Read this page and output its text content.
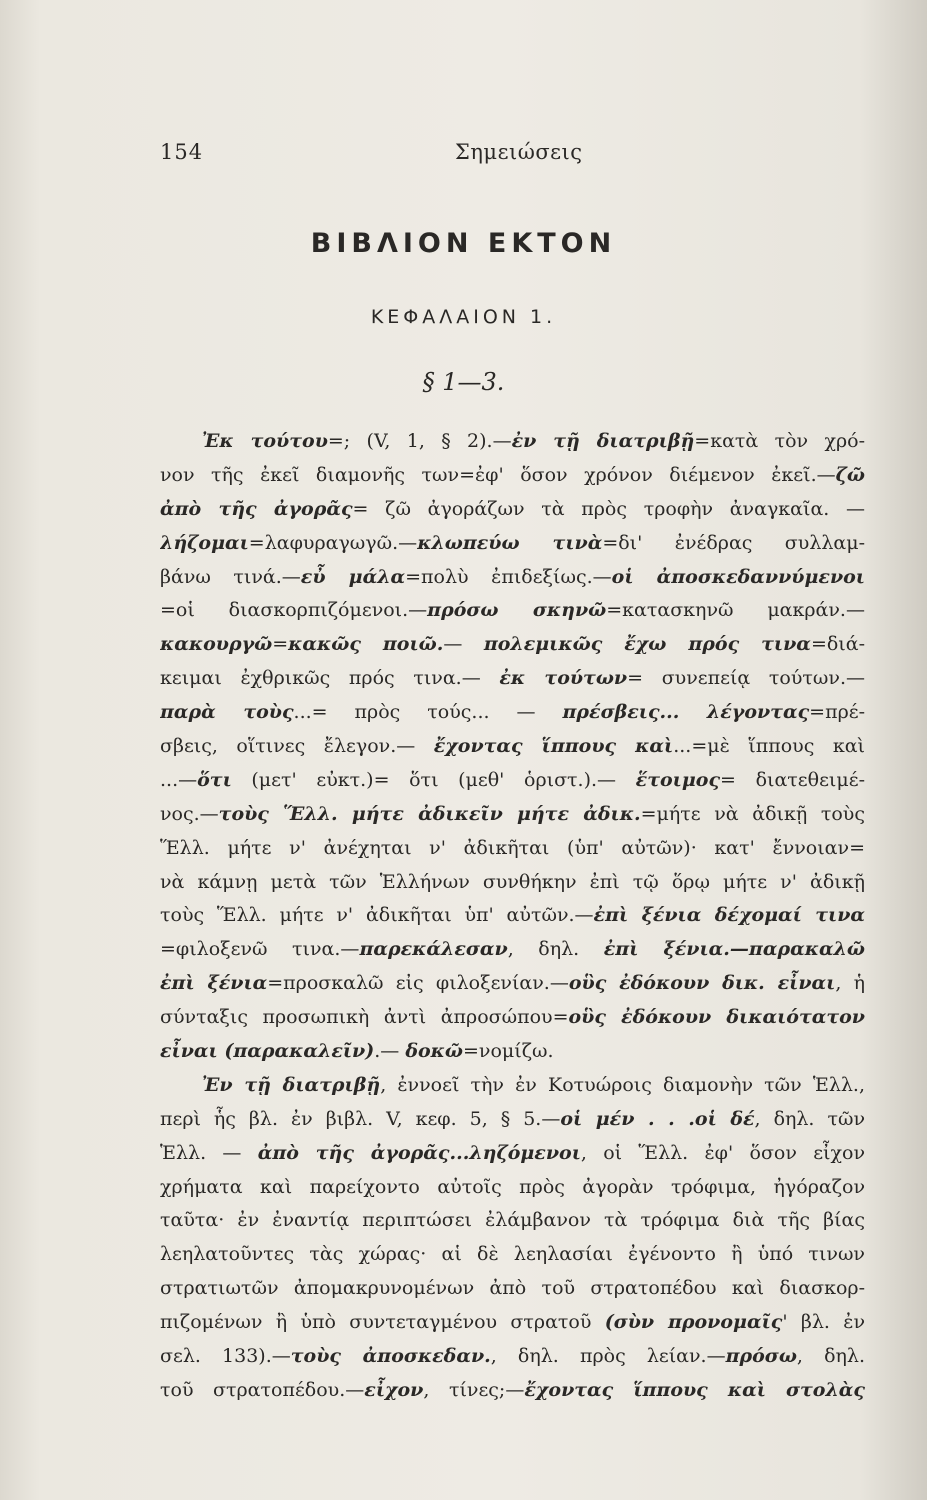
154	Σημειώσεις
ΒΙΒΛΙΟΝ ΕΚΤΟΝ
ΚΕΦΑΛΑΙΟΝ 1.
§ 1—3.
Ἐκ τούτου=; (V, 1, § 2).—ἐν τῇ διατριβῇ=κατὰ τὸν χρό-
νον τῆς ἐκεῖ διαμονῆς των=ἐφ' ὅσον χρόνον διέμενον ἐκεῖ.—ζῶ
ἀπὸ τῆς ἀγορᾶς= ζῶ ἀγοράζων τὰ πρὸς τροφὴν ἀναγκαῖα. —
λήζομαι=λαφυραγωγῶ.—κλωπεύω τινὰ=δι' ἐνέδρας συλλαμ-
βάνω τινά.—εὖ μάλα=πολὺ ἐπιδεξίως.—οἱ ἀποσκεδαννύμενοι
=οἱ διασκορπιζόμενοι.—πρόσω σκηνῶ=κατασκηνῶ μακράν.—
κακουργῶ=κακῶς ποιῶ.— πολεμικῶς ἔχω πρός τινα=διά-
κειμαι ἐχθρικῶς πρός τινα.— ἐκ τούτων= συνεπείᾳ τούτων.—
παρὰ τοὺς...= πρὸς τούς... — πρέσβεις... λέγοντας=πρέ-
σβεις, οἵτινες ἔλεγον.— ἔχοντας ἵππους καὶ...=μὲ ἵππους καὶ
...—ὅτι (μετ' εὐκτ.)= ὅτι (μεθ' ὁριστ.).— ἕτοιμος= διατεθειμέ-
νος.—τοὺς Ἕλλ. μήτε ἀδικεῖν μήτε ἀδικ.=μήτε νὰ ἀδικῇ τοὺς
Ἕλλ. μήτε ν' ἀνέχηται ν' ἀδικῆται (ὑπ' αὐτῶν)· κατ' ἔννοιαν=
νὰ κάμνῃ μετὰ τῶν Ἑλλήνων συνθήκην ἐπὶ τῷ ὅρῳ μήτε ν' ἀδικῇ
τοὺς Ἕλλ. μήτε ν' ἀδικῆται ὑπ' αὐτῶν.—ἐπὶ ξένια δέχομαί τινα
=φιλοξενῶ τινα.—παρεκάλεσαν, δηλ. ἐπὶ ξένια.—παρακαλῶ
ἐπὶ ξένια=προσκαλῶ εἰς φιλοξενίαν.—οὓς ἐδόκουν δικ. εἶναι, ἡ
σύνταξις προσωπικὴ ἀντὶ ἀπροσώπου=οὓς ἐδόκουν δικαιότατον
εἶναι (παρακαλεῖν).— δοκῶ=νομίζω.
Ἐν τῇ διατριβῇ, ἐννοεῖ τὴν ἐν Κοτυώροις διαμονὴν τῶν Ἑλλ.,
περὶ ἧς βλ. ἐν βιβλ. V, κεφ. 5, § 5.—οἱ μέν . . .οἱ δέ, δηλ. τῶν
Ἑλλ. — ἀπὸ τῆς ἀγορᾶς...ληζόμενοι, οἱ Ἕλλ. ἐφ' ὅσον εἶχον
χρήματα καὶ παρείχοντο αὐτοῖς πρὸς ἀγορὰν τρόφιμα, ἠγόραζον
ταῦτα· ἐν ἐναντίᾳ περιπτώσει ἐλάμβανον τὰ τρόφιμα διὰ τῆς βίας
λεηλατοῦντες τὰς χώρας· αἱ δὲ λεηλασίαι ἐγένοντο ἢ ὑπό τινων
στρατιωτῶν ἀπομακρυνομένων ἀπὸ τοῦ στρατοπέδου καὶ διασκορ-
πιζομένων ἢ ὑπὸ συντεταγμένου στρατοῦ (σὺν προνομαῖς' βλ. ἐν
σελ. 133).—τοὺς ἀποσκεδαν., δηλ. πρὸς λείαν.—πρόσω, δηλ.
τοῦ στρατοπέδου.—εἶχον, τίνες;—ἔχοντας ἵππους καὶ στολὰς
